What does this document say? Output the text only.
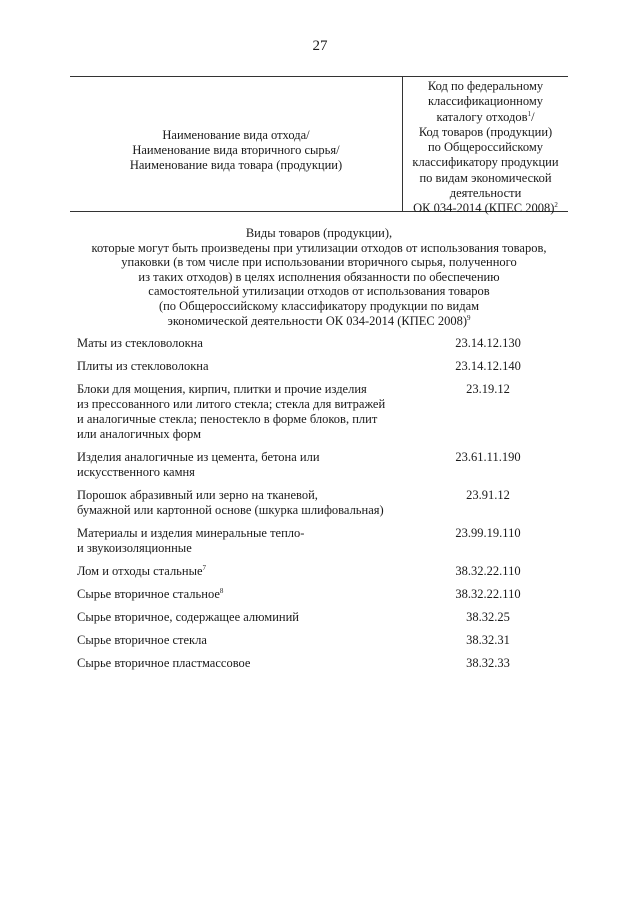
27
Наименование вида отхода/
Наименование вида вторичного сырья/
Наименование вида товара (продукции)
Код по федеральному
классификационному
каталогу отходов$^1$/
Код товаров (продукции)
по Общероссийскому
классификатору продукции
по видам экономической
деятельности
ОК 034-2014 (КПЕС 2008)$^2$
Виды товаров (продукции),
которые могут быть произведены при утилизации отходов от использования товаров,
упаковки (в том числе при использовании вторичного сырья, полученного
из таких отходов) в целях исполнения обязанности по обеспечению
самостоятельной утилизации отходов от использования товаров
(по Общероссийскому классификатору продукции по видам
экономической деятельности ОК 034-2014 (КПЕС 2008)$^9$
Маты из стекловолокна	23.14.12.130
Плиты из стекловолокна	23.14.12.140
Блоки для мощения, кирпич, плитки и прочие изделия
из прессованного или литого стекла; стекла для витражей
и аналогичные стекла; пеностекло в форме блоков, плит
или аналогичных форм
23.19.12
Изделия аналогичные из цемента, бетона или
искусственного камня
23.61.11.190
Порошок абразивный или зерно на тканевой,
бумажной или картонной основе (шкурка шлифовальная)
23.91.12
Материалы и изделия минеральные тепло-
и звукоизоляционные
23.99.19.110
Лом и отходы стальные$^7$	38.32.22.110
Сырье вторичное стальное$^8$	38.32.22.110
Сырье вторичное, содержащее алюминий	38.32.25
Сырье вторичное стекла	38.32.31
Сырье вторичное пластмассовое	38.32.33
